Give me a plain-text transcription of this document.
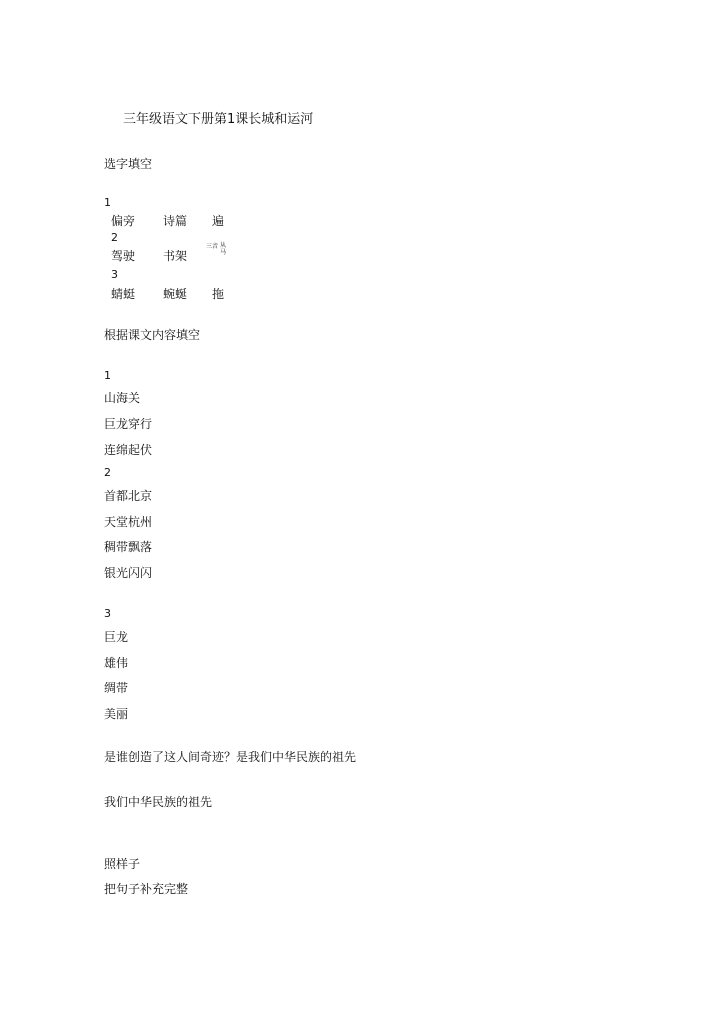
三年级语文下册第1课长城和运河
选字填空
1
偏旁 诗篇 遍
2
驾驶 书架
三音 从
马
3
蜻蜓 蜿蜒 拖
根据课文内容填空
1
山海关
巨龙穿行
连绵起伏
2
首都北京
天堂杭州
稠带飘落
银光闪闪
3
巨龙
雄伟
绸带
美丽
是谁创造了这人间奇迹？是我们中华民族的祖先
我们中华民族的祖先
照样子
把句子补充完整
